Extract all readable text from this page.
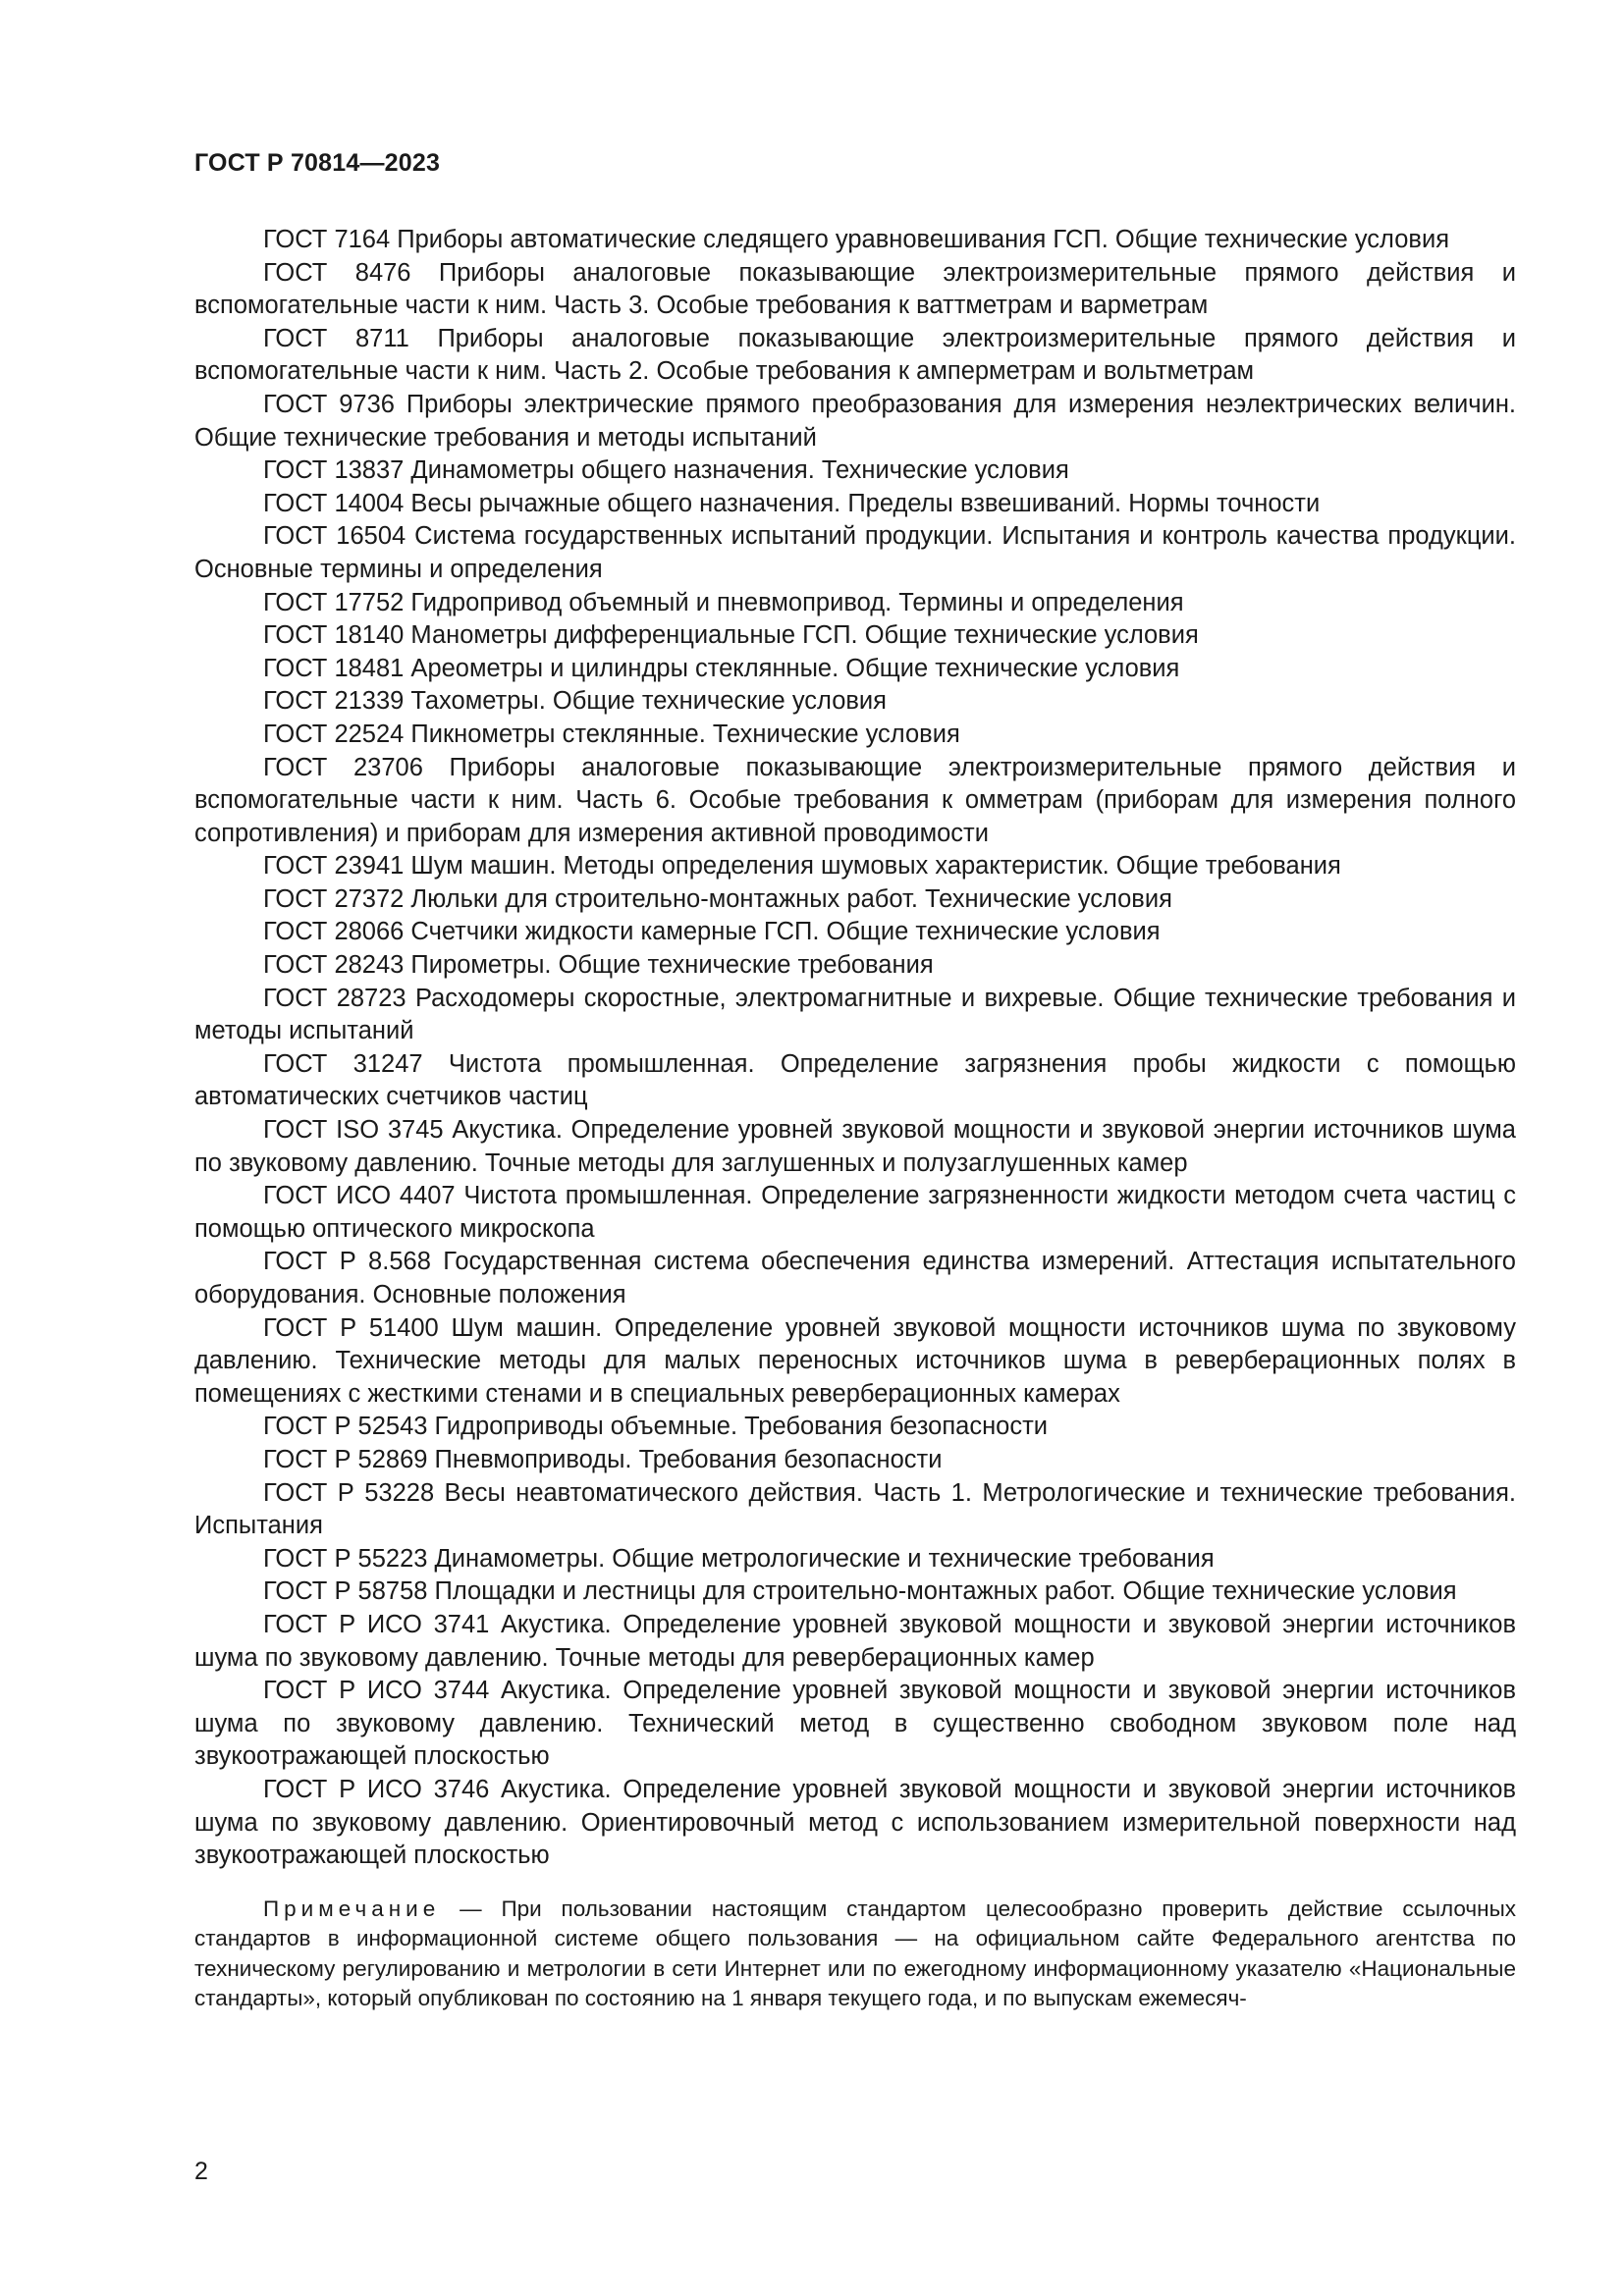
ГОСТ Р 70814—2023

ГОСТ 7164 Приборы автоматические следящего уравновешивания ГСП. Общие технические условия

ГОСТ 8476 Приборы аналоговые показывающие электроизмерительные прямого действия и вспомогательные части к ним. Часть 3. Особые требования к ваттметрам и варметрам

ГОСТ 8711 Приборы аналоговые показывающие электроизмерительные прямого действия и вспомогательные части к ним. Часть 2. Особые требования к амперметрам и вольтметрам

ГОСТ 9736 Приборы электрические прямого преобразования для измерения неэлектрических величин. Общие технические требования и методы испытаний

ГОСТ 13837 Динамометры общего назначения. Технические условия

ГОСТ 14004 Весы рычажные общего назначения. Пределы взвешиваний. Нормы точности

ГОСТ 16504 Система государственных испытаний продукции. Испытания и контроль качества продукции. Основные термины и определения

ГОСТ 17752 Гидропривод объемный и пневмопривод. Термины и определения

ГОСТ 18140 Манометры дифференциальные ГСП. Общие технические условия

ГОСТ 18481 Ареометры и цилиндры стеклянные. Общие технические условия

ГОСТ 21339 Тахометры. Общие технические условия

ГОСТ 22524 Пикнометры стеклянные. Технические условия

ГОСТ 23706 Приборы аналоговые показывающие электроизмерительные прямого действия и вспомогательные части к ним. Часть 6. Особые требования к омметрам (приборам для измерения полного сопротивления) и приборам для измерения активной проводимости

ГОСТ 23941 Шум машин. Методы определения шумовых характеристик. Общие требования

ГОСТ 27372 Люльки для строительно-монтажных работ. Технические условия

ГОСТ 28066 Счетчики жидкости камерные ГСП. Общие технические условия

ГОСТ 28243 Пирометры. Общие технические требования

ГОСТ 28723 Расходомеры скоростные, электромагнитные и вихревые. Общие технические требования и методы испытаний

ГОСТ 31247 Чистота промышленная. Определение загрязнения пробы жидкости с помощью автоматических счетчиков частиц

ГОСТ ISO 3745 Акустика. Определение уровней звуковой мощности и звуковой энергии источников шума по звуковому давлению. Точные методы для заглушенных и полузаглушенных камер

ГОСТ ИСО 4407 Чистота промышленная. Определение загрязненности жидкости методом счета частиц с помощью оптического микроскопа

ГОСТ Р 8.568 Государственная система обеспечения единства измерений. Аттестация испытательного оборудования. Основные положения

ГОСТ Р 51400 Шум машин. Определение уровней звуковой мощности источников шума по звуковому давлению. Технические методы для малых переносных источников шума в реверберационных полях в помещениях с жесткими стенами и в специальных реверберационных камерах

ГОСТ Р 52543 Гидроприводы объемные. Требования безопасности

ГОСТ Р 52869 Пневмоприводы. Требования безопасности

ГОСТ Р 53228 Весы неавтоматического действия. Часть 1. Метрологические и технические требования. Испытания

ГОСТ Р 55223 Динамометры. Общие метрологические и технические требования

ГОСТ Р 58758 Площадки и лестницы для строительно-монтажных работ. Общие технические условия

ГОСТ Р ИСО 3741 Акустика. Определение уровней звуковой мощности и звуковой энергии источников шума по звуковому давлению. Точные методы для реверберационных камер

ГОСТ Р ИСО 3744 Акустика. Определение уровней звуковой мощности и звуковой энергии источников шума по звуковому давлению. Технический метод в существенно свободном звуковом поле над звукоотражающей плоскостью

ГОСТ Р ИСО 3746 Акустика. Определение уровней звуковой мощности и звуковой энергии источников шума по звуковому давлению. Ориентировочный метод с использованием измерительной поверхности над звукоотражающей плоскостью

Примечание — При пользовании настоящим стандартом целесообразно проверить действие ссылочных стандартов в информационной системе общего пользования — на официальном сайте Федерального агентства по техническому регулированию и метрологии в сети Интернет или по ежегодному информационному указателю «Национальные стандарты», который опубликован по состоянию на 1 января текущего года, и по выпускам ежемесяч-

2
